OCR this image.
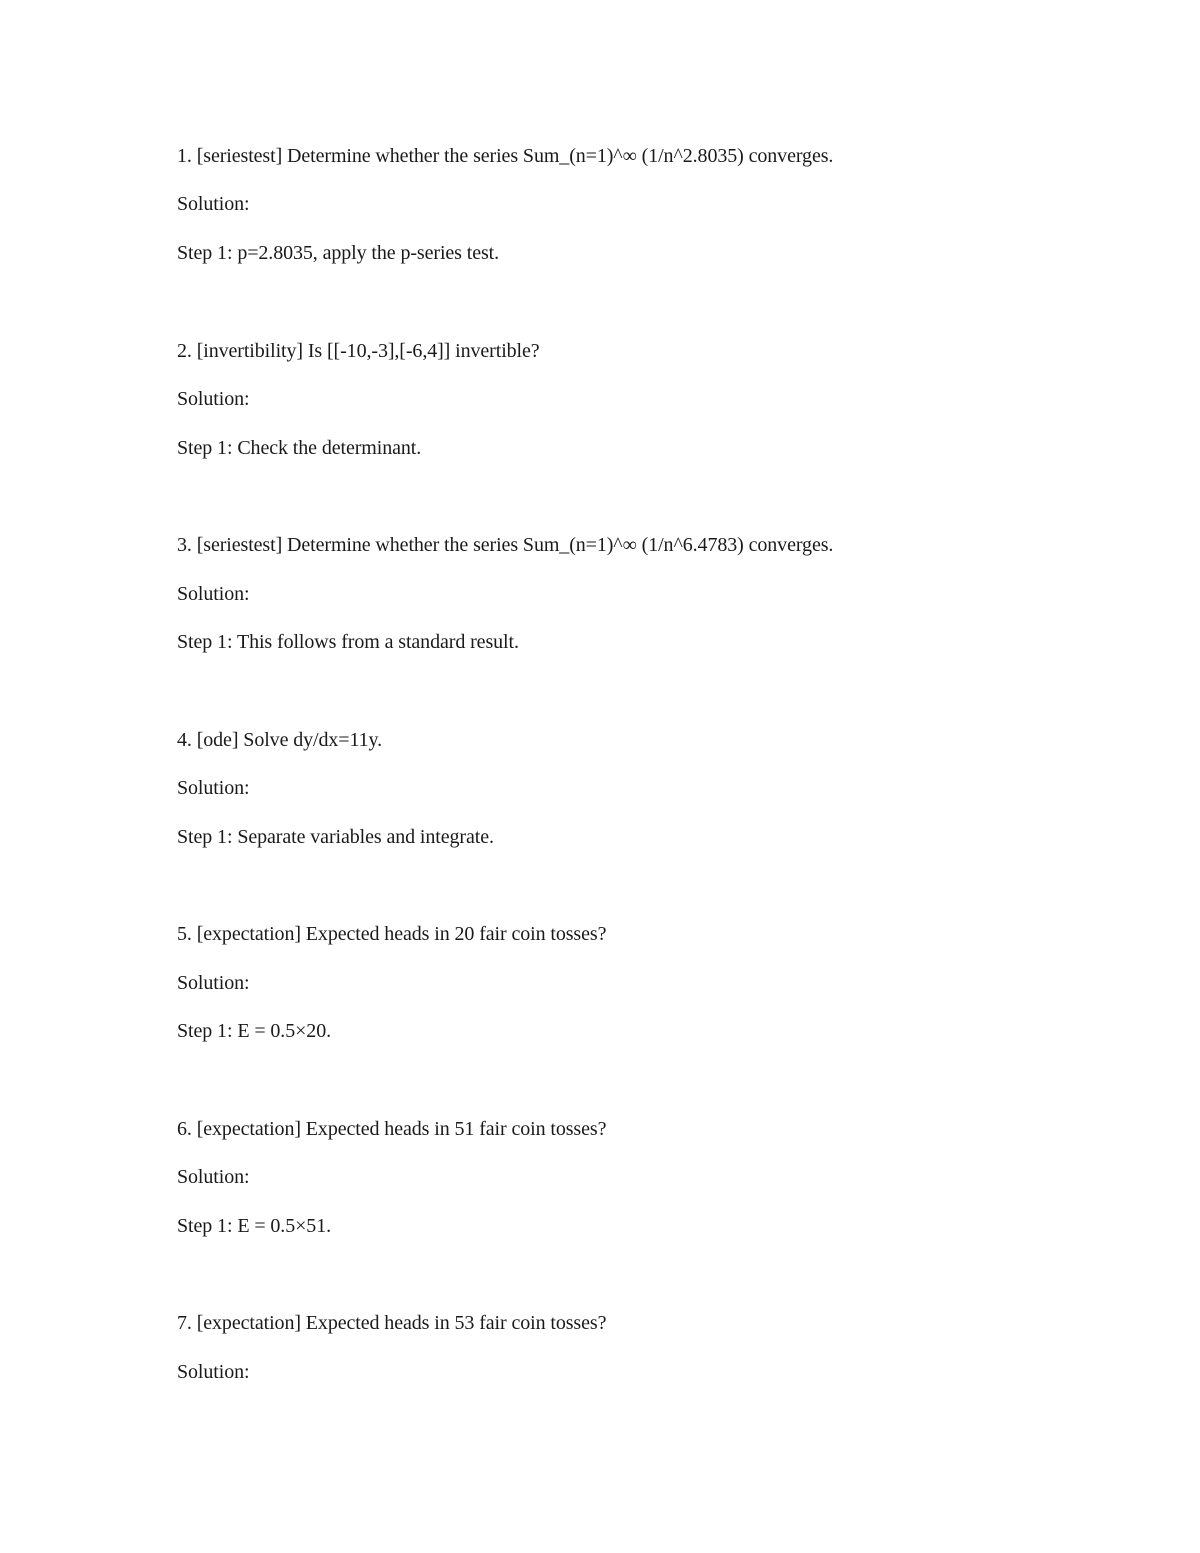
1. [seriestest] Determine whether the series Sum_(n=1)^∞ (1/n^2.8035) converges.
Solution:
Step 1: p=2.8035, apply the p-series test.
2. [invertibility] Is [[-10,-3],[-6,4]] invertible?
Solution:
Step 1: Check the determinant.
3. [seriestest] Determine whether the series Sum_(n=1)^∞ (1/n^6.4783) converges.
Solution:
Step 1: This follows from a standard result.
4. [ode] Solve dy/dx=11y.
Solution:
Step 1: Separate variables and integrate.
5. [expectation] Expected heads in 20 fair coin tosses?
Solution:
Step 1: E = 0.5×20.
6. [expectation] Expected heads in 51 fair coin tosses?
Solution:
Step 1: E = 0.5×51.
7. [expectation] Expected heads in 53 fair coin tosses?
Solution:
